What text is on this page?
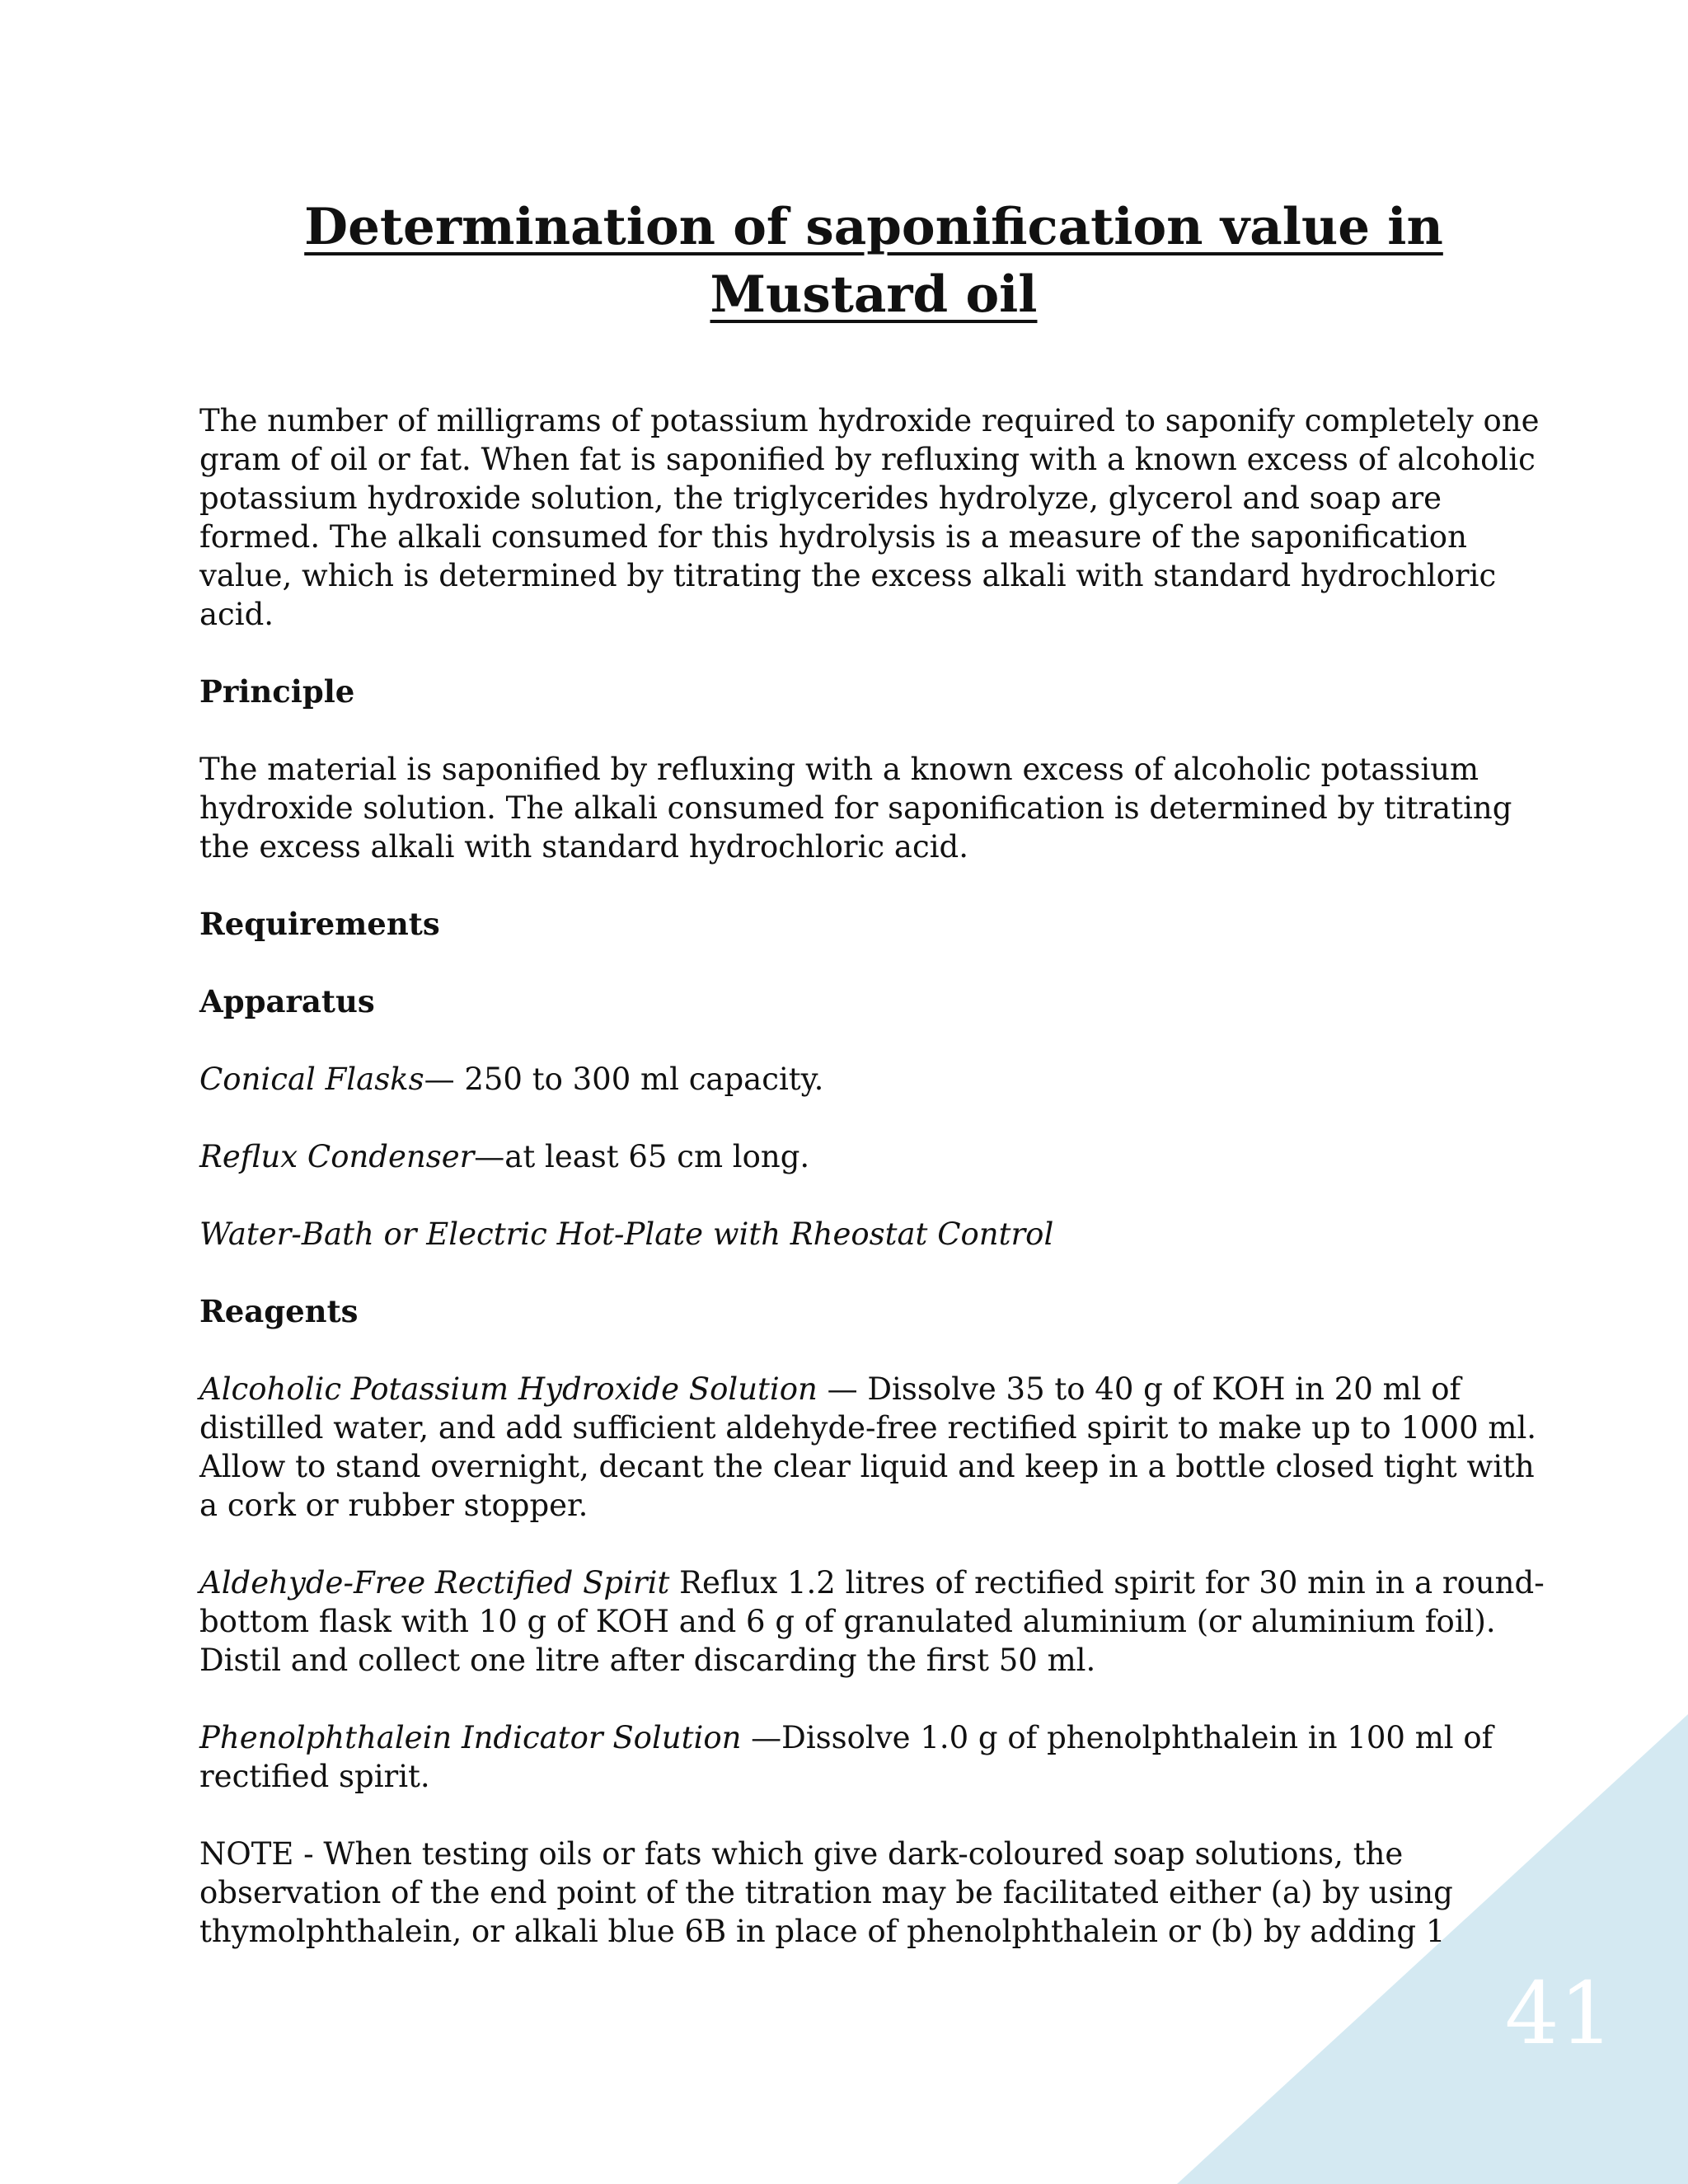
41
Determination of saponification value in Mustard oil

The number of milligrams of potassium hydroxide required to saponify completely one gram of oil or fat. When fat is saponified by refluxing with a known excess of alcoholic potassium hydroxide solution, the triglycerides hydrolyze, glycerol and soap are formed. The alkali consumed for this hydrolysis is a measure of the saponification value, which is determined by titrating the excess alkali with standard hydrochloric acid.

Principle

The material is saponified by refluxing with a known excess of alcoholic potassium hydroxide solution. The alkali consumed for saponification is determined by titrating the excess alkali with standard hydrochloric acid.

Requirements
Apparatus

Conical Flasks— 250 to 300 ml capacity.

Reflux Condenser—at least 65 cm long.

Water-Bath or Electric Hot-Plate with Rheostat Control

Reagents

Alcoholic Potassium Hydroxide Solution — Dissolve 35 to 40 g of KOH in 20 ml of distilled water, and add sufficient aldehyde-free rectified spirit to make up to 1000 ml. Allow to stand overnight, decant the clear liquid and keep in a bottle closed tight with a cork or rubber stopper.

Aldehyde-Free Rectified Spirit Reflux 1.2 litres of rectified spirit for 30 min in a round-bottom flask with 10 g of KOH and 6 g of granulated aluminium (or aluminium foil). Distil and collect one litre after discarding the first 50 ml.

Phenolphthalein Indicator Solution —Dissolve 1.0 g of phenolphthalein in 100 ml of rectified spirit.

NOTE - When testing oils or fats which give dark-coloured soap solutions, the observation of the end point of the titration may be facilitated either (a) by using thymolphthalein, or alkali blue 6B in place of phenolphthalein or (b) by adding 1
